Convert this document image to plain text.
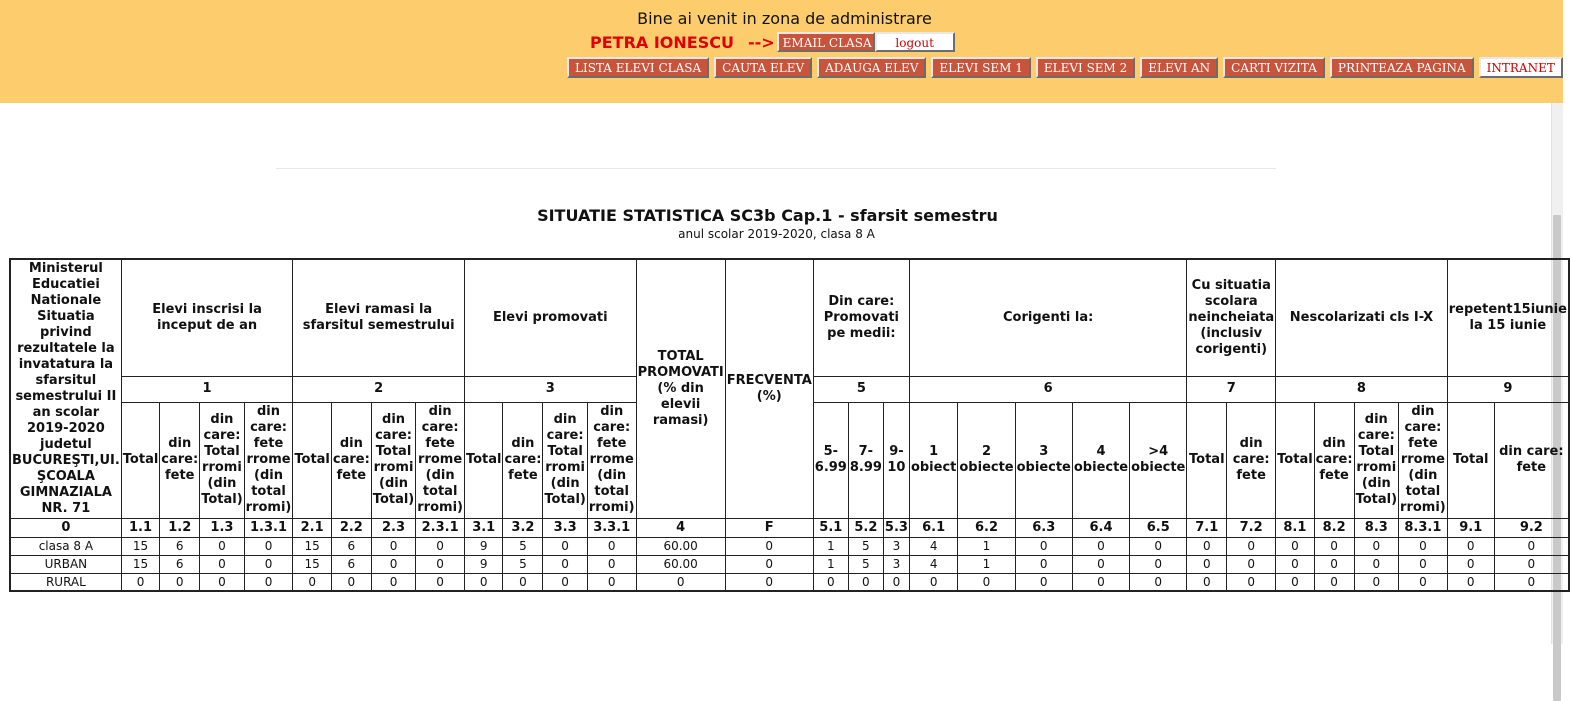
Bine ai venit in zona de administrare
PETRA IONESCU --> EMAIL CLASA	logout
LISTA ELEVI CLASA	CAUTA ELEV	ADAUGA ELEV	ELEVI SEM 1	ELEVI SEM 2	ELEVI AN	CARTI VIZITA	PRINTEAZA PAGINA	INTRANET
SITUATIE STATISTICA SC3b Cap.1 - sfarsit semestru
anul scolar 2019-2020, clasa 8 A
Ministerul Educatiei Nationale Situatia privind rezultatele la invatatura la sfarsitul semestrului II an scolar 2019-2020 judetul BUCUREŞTI,UI. ŞCOALA GIMNAZIALA NR. 71	Elevi inscrisi la inceput de an				Elevi ramasi la sfarsitul semestrului				Elevi promovati				TOTAL PROMOVATI (% din elevii ramasi)	FRECVENTA (%)	Din care: Promovati pe medii:			Corigenti la:					Cu situatia scolara neincheiata (inclusiv corigenti)		Nescolarizati cls I-X				repetent15iunie la 15 iunie	
	1				2				3						5			6					7		8				9	
	Total	din care: fete	din care: Total rromi (din Total)	din care: fete rrome (din total rromi)	Total	din care: fete	din care: Total rromi (din Total)	din care: fete rrome (din total rromi)	Total	din care: fete	din care: Total rromi (din Total)	din care: fete rrome (din total rromi)			5-6.99	7-8.99	9-10	1 obiect	2 obiecte	3 obiecte	4 obiecte	>4 obiecte	Total	din care: fete	Total	din care: fete	din care: Total rromi (din Total)	din care: fete rrome (din total rromi)	Total	din care: fete
0	1.1	1.2	1.3	1.3.1	2.1	2.2	2.3	2.3.1	3.1	3.2	3.3	3.3.1	4	F	5.1	5.2	5.3	6.1	6.2	6.3	6.4	6.5	7.1	7.2	8.1	8.2	8.3	8.3.1	9.1	9.2
clasa 8 A	15	6	0	0	15	6	0	0	9	5	0	0	60.00	0	1	5	3	4	1	0	0	0	0	0	0	0	0	0	0	0
URBAN	15	6	0	0	15	6	0	0	9	5	0	0	60.00	0	1	5	3	4	1	0	0	0	0	0	0	0	0	0	0	0
RURAL	0	0	0	0	0	0	0	0	0	0	0	0	0	0	0	0	0	0	0	0	0	0	0	0	0	0	0	0	0	0
